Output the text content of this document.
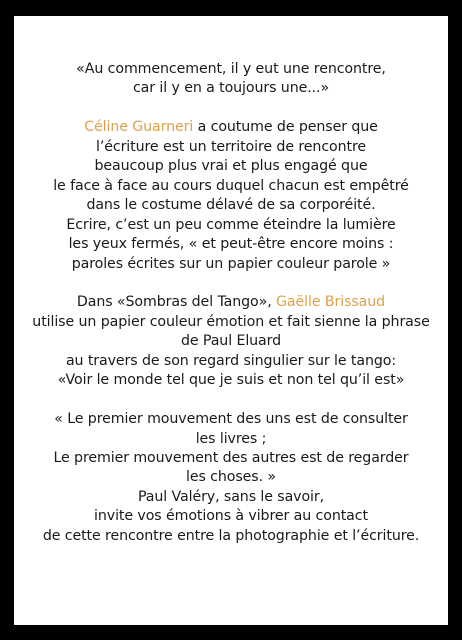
«Au commencement, il y eut une rencontre,
car il y en a toujours une...»
Céline Guarneri a coutume de penser que
l’écriture est un territoire de rencontre
beaucoup plus vrai et plus engagé que
le face à face au cours duquel chacun est empêtré
dans le costume délavé de sa corporéité.
Ecrire, c’est un peu comme éteindre la lumière
les yeux fermés, « et peut-être encore moins :
paroles écrites sur un papier couleur parole »
Dans «Sombras del Tango», Gaëlle Brissaud
utilise un papier couleur émotion et fait sienne la phrase
de Paul Eluard
au travers de son regard singulier sur le tango:
«Voir le monde tel que je suis et non tel qu’il est»
« Le premier mouvement des uns est de consulter
les livres ;
Le premier mouvement des autres est de regarder
les choses. »
Paul Valéry, sans le savoir,
invite vos émotions à vibrer au contact
de cette rencontre entre la photographie et l’écriture.
